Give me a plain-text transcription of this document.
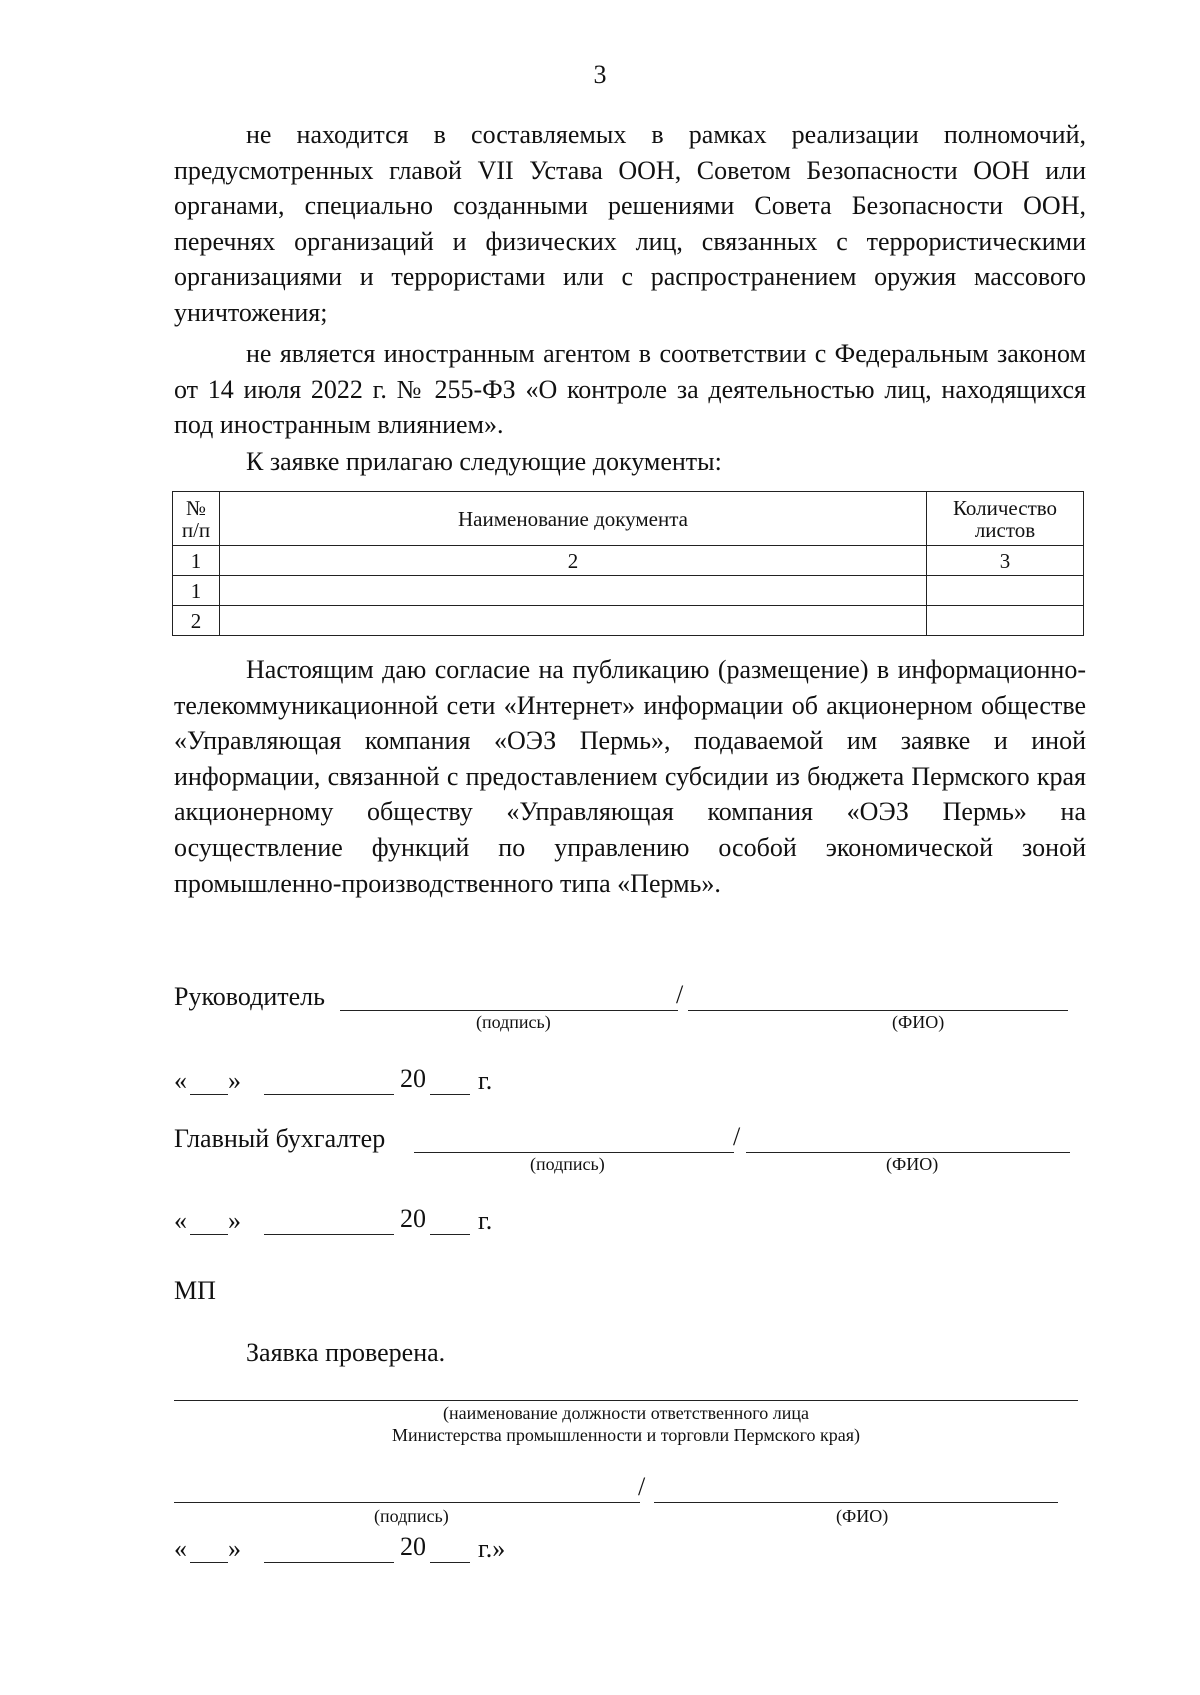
3

не находится в составляемых в рамках реализации полномочий, предусмотренных главой VII Устава ООН, Советом Безопасности ООН или органами, специально созданными решениями Совета Безопасности ООН, перечнях организаций и физических лиц, связанных с террористическими организациями и террористами или с распространением оружия массового уничтожения;

не является иностранным агентом в соответствии с Федеральным законом от 14 июля 2022 г. № 255-ФЗ «О контроле за деятельностью лиц, находящихся под иностранным влиянием».

К заявке прилагаю следующие документы:

№ п/п	Наименование документа	Количество листов
1	2	3
1		
2		

Настоящим даю согласие на публикацию (размещение) в информационно-телекоммуникационной сети «Интернет» информации об акционерном обществе «Управляющая компания «ОЭЗ Пермь», подаваемой им заявке и иной информации, связанной с предоставлением субсидии из бюджета Пермского края акционерному обществу «Управляющая компания «ОЭЗ Пермь» на осуществление функций по управлению особой экономической зоной промышленно-производственного типа «Пермь».

Руководитель	/
(подпись)	(ФИО)
« »	20 г.
Главный бухгалтер	/
(подпись)	(ФИО)
« »	20 г.
МП
Заявка проверена.
(наименование должности ответственного лица
Министерства промышленности и торговли Пермского края)
/
(подпись)	(ФИО)
« »	20 г.»
